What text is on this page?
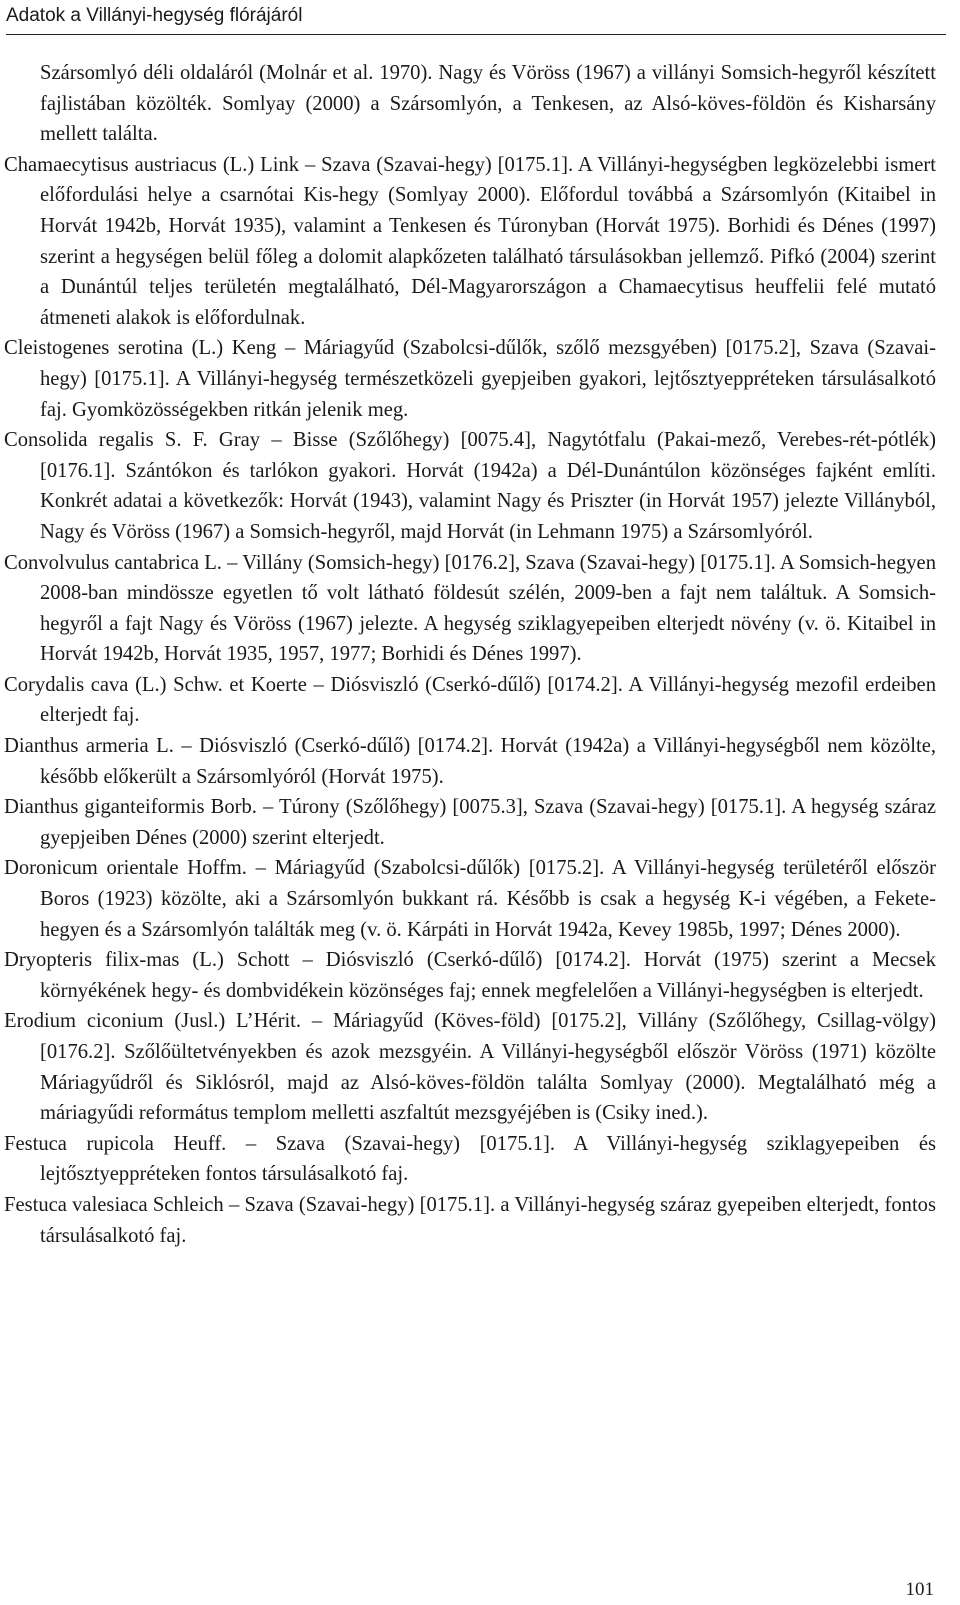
Adatok a Villányi-hegység flórájáról

Szársomlyó déli oldaláról (Molnár et al. 1970). Nagy és Vöröss (1967) a villányi Somsich-hegyről készített fajlistában közölték. Somlyay (2000) a Szársomlyón, a Tenkesen, az Alsó-köves-földön és Kisharsány mellett találta.

Chamaecytisus austriacus (L.) Link – Szava (Szavai-hegy) [0175.1]. A Villányi-hegységben legközelebbi ismert előfordulási helye a csarnótai Kis-hegy (Somlyay 2000). Előfordul továbbá a Szársomlyón (Kitaibel in Horvát 1942b, Horvát 1935), valamint a Tenkesen és Túronyban (Horvát 1975). Borhidi és Dénes (1997) szerint a hegységen belül főleg a dolomit alapkőzeten található társulásokban jellemző. Pifkó (2004) szerint a Dunántúl teljes területén megtalálható, Dél-Magyarországon a Chamaecytisus heuffelii felé mutató átmeneti alakok is előfordulnak.

Cleistogenes serotina (L.) Keng – Máriagyűd (Szabolcsi-dűlők, szőlő mezsgyében) [0175.2], Szava (Szavai-hegy) [0175.1]. A Villányi-hegység természetközeli gyepjeiben gyakori, lejtősztyeppréteken társulásalkotó faj. Gyomközösségekben ritkán jelenik meg.

Consolida regalis S. F. Gray – Bisse (Szőlőhegy) [0075.4], Nagytótfalu (Pakai-mező, Verebes-rét-pótlék) [0176.1]. Szántókon és tarlókon gyakori. Horvát (1942a) a Dél-Dunántúlon közönséges fajként említi. Konkrét adatai a következők: Horvát (1943), valamint Nagy és Priszter (in Horvát 1957) jelezte Villányból, Nagy és Vöröss (1967) a Somsich-hegyről, majd Horvát (in Lehmann 1975) a Szársomlyóról.

Convolvulus cantabrica L. – Villány (Somsich-hegy) [0176.2], Szava (Szavai-hegy) [0175.1]. A Somsich-hegyen 2008-ban mindössze egyetlen tő volt látható földesút szélén, 2009-ben a fajt nem találtuk. A Somsich-hegyről a fajt Nagy és Vöröss (1967) jelezte. A hegység sziklagyepeiben elterjedt növény (v. ö. Kitaibel in Horvát 1942b, Horvát 1935, 1957, 1977; Borhidi és Dénes 1997).

Corydalis cava (L.) Schw. et Koerte – Diósviszló (Cserkó-dűlő) [0174.2]. A Villányi-hegység mezofil erdeiben elterjedt faj.

Dianthus armeria L. – Diósviszló (Cserkó-dűlő) [0174.2]. Horvát (1942a) a Villányi-hegységből nem közölte, később előkerült a Szársomlyóról (Horvát 1975).

Dianthus giganteiformis Borb. – Túrony (Szőlőhegy) [0075.3], Szava (Szavai-hegy) [0175.1]. A hegység száraz gyepjeiben Dénes (2000) szerint elterjedt.

Doronicum orientale Hoffm. – Máriagyűd (Szabolcsi-dűlők) [0175.2]. A Villányi-hegység területéről először Boros (1923) közölte, aki a Szársomlyón bukkant rá. Később is csak a hegység K-i végében, a Fekete-hegyen és a Szársomlyón találták meg (v. ö. Kárpáti in Horvát 1942a, Kevey 1985b, 1997; Dénes 2000).

Dryopteris filix-mas (L.) Schott – Diósviszló (Cserkó-dűlő) [0174.2]. Horvát (1975) szerint a Mecsek környékének hegy- és dombvidékein közönséges faj; ennek megfelelően a Villányi-hegységben is elterjedt.

Erodium ciconium (Jusl.) L’Hérit. – Máriagyűd (Köves-föld) [0175.2], Villány (Szőlőhegy, Csillag-völgy) [0176.2]. Szőlőültetvényekben és azok mezsgyéin. A Villányi-hegységből először Vöröss (1971) közölte Máriagyűdről és Siklósról, majd az Alsó-köves-földön találta Somlyay (2000). Megtalálható még a máriagyűdi református templom melletti aszfaltút mezsgyéjében is (Csiky ined.).

Festuca rupicola Heuff. – Szava (Szavai-hegy) [0175.1]. A Villányi-hegység sziklagyepeiben és lejtősztyeppréteken fontos társulásalkotó faj.

Festuca valesiaca Schleich – Szava (Szavai-hegy) [0175.1]. a Villányi-hegység száraz gyepeiben elterjedt, fontos társulásalkotó faj.

101
